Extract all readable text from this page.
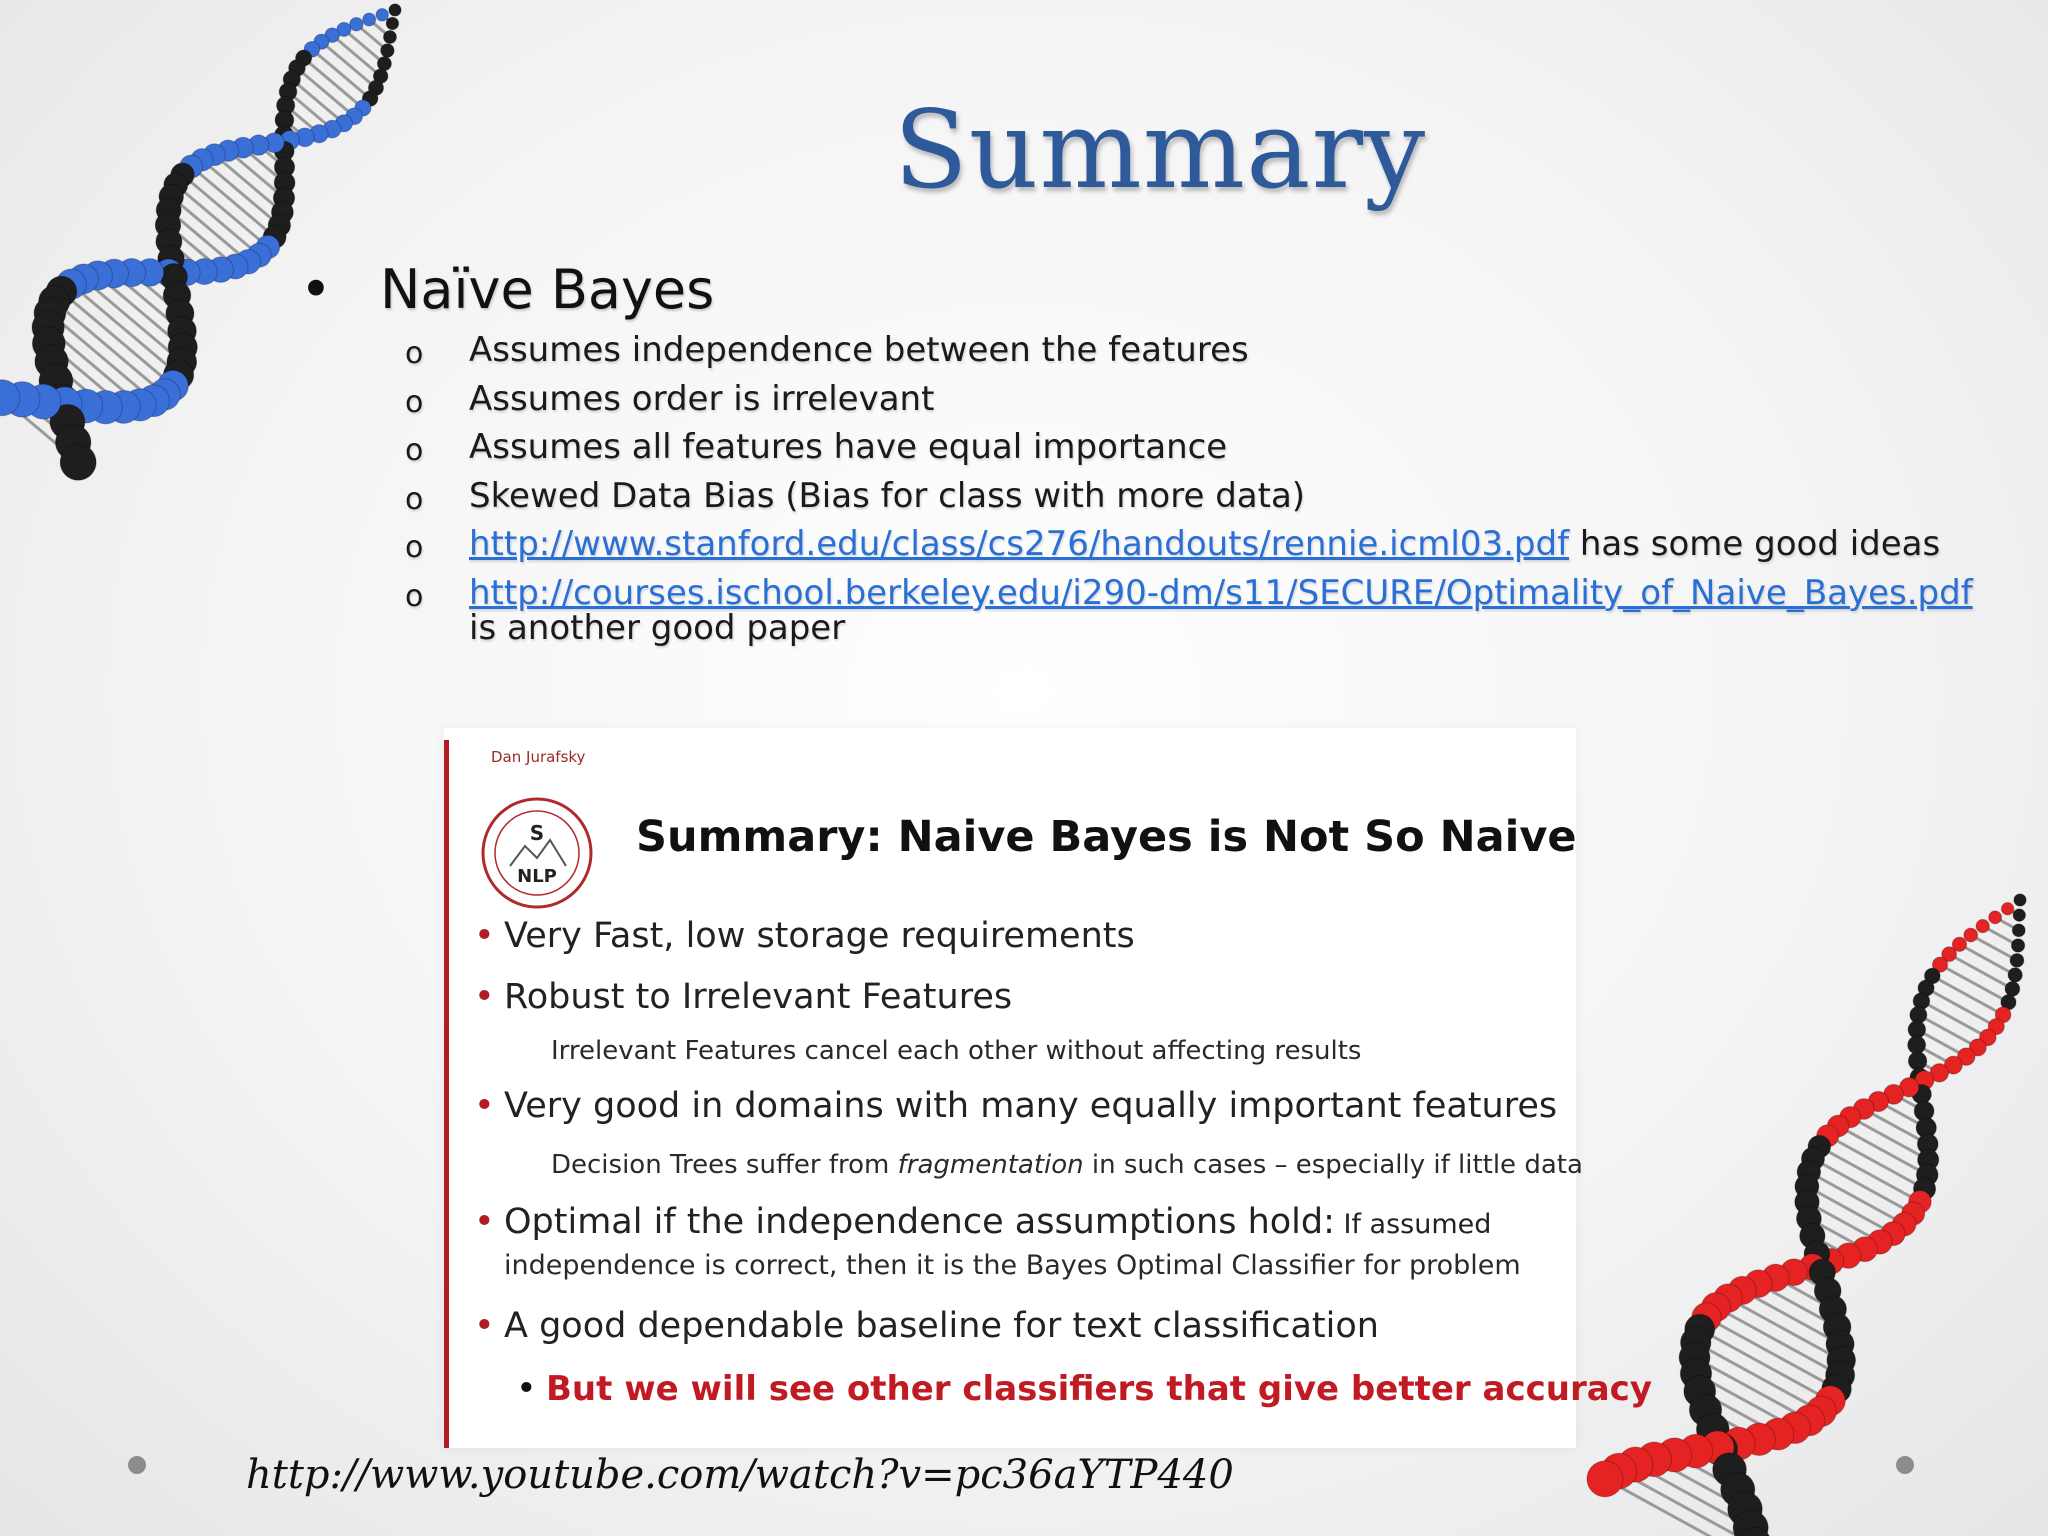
Summary
• Naïve Bayes
o Assumes independence between the features
o Assumes order is irrelevant
o Assumes all features have equal importance
o Skewed Data Bias (Bias for class with more data)
o http://www.stanford.edu/class/cs276/handouts/rennie.icml03.pdf has some good ideas
o http://courses.ischool.berkeley.edu/i290-dm/s11/SECURE/Optimality_of_Naive_Bayes.pdf
is another good paper
Dan Jurafsky
S
NLP
Summary: Naive Bayes is Not So Naive
• Very Fast, low storage requirements
• Robust to Irrelevant Features
Irrelevant Features cancel each other without affecting results
• Very good in domains with many equally important features
Decision Trees suffer from fragmentation in such cases – especially if little data
• Optimal if the independence assumptions hold: If assumed
independence is correct, then it is the Bayes Optimal Classifier for problem
• A good dependable baseline for text classification
• But we will see other classifiers that give better accuracy
http://www.youtube.com/watch?v=pc36aYTP440
